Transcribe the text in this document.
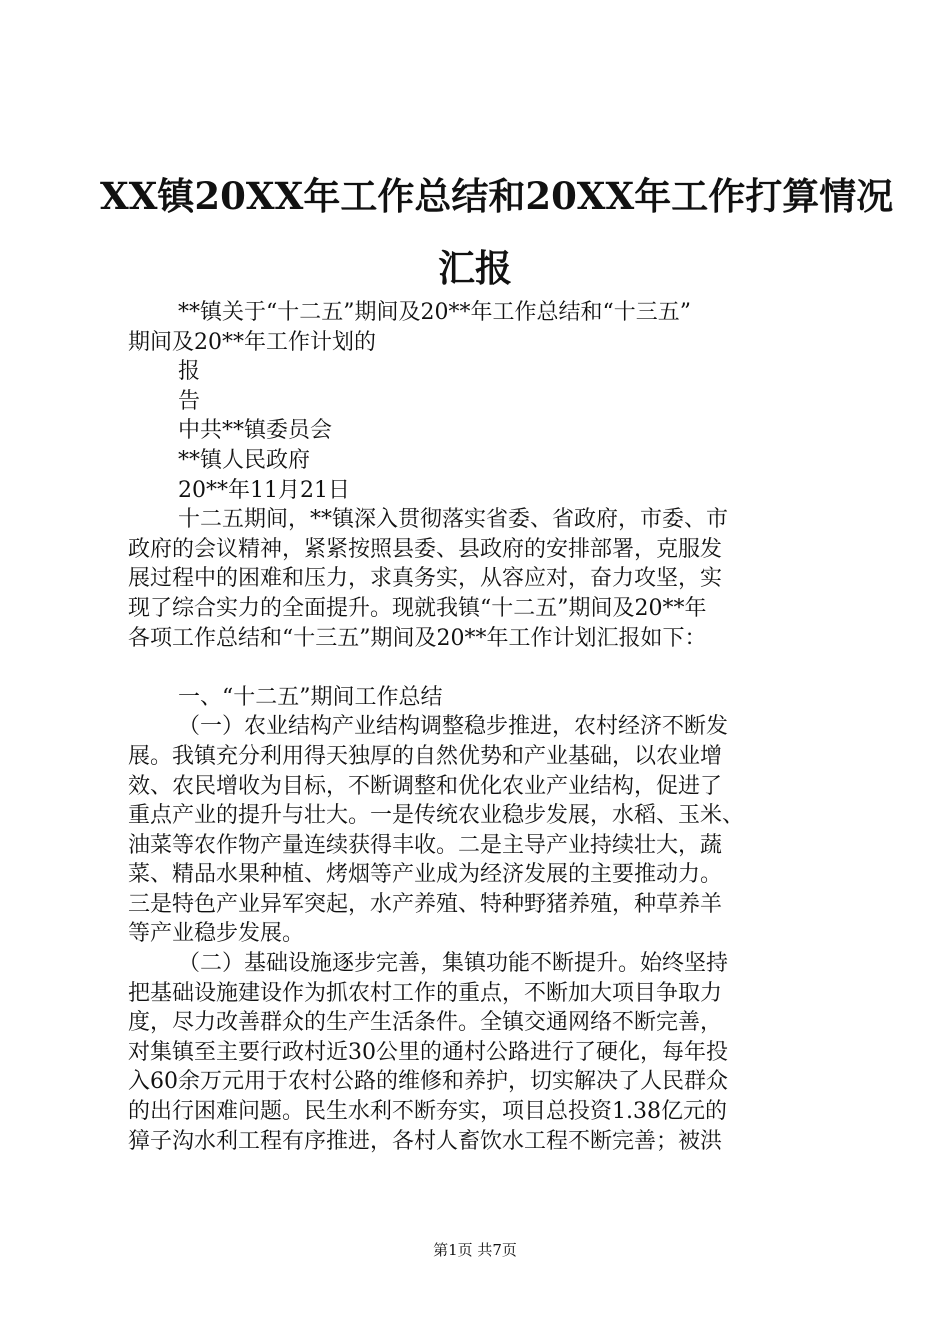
XX镇20XX年工作总结和20XX年工作打算情况
汇报
**镇关于“十二五”期间及20**年工作总结和“十三五”
期间及20**年工作计划的
报
告
中共**镇委员会
**镇人民政府
20**年11月21日
十二五期间，**镇深入贯彻落实省委、省政府，市委、市
政府的会议精神，紧紧按照县委、县政府的安排部署，克服发
展过程中的困难和压力，求真务实，从容应对，奋力攻坚，实
现了综合实力的全面提升。现就我镇“十二五”期间及20**年
各项工作总结和“十三五”期间及20**年工作计划汇报如下：
一、“十二五”期间工作总结
（一）农业结构产业结构调整稳步推进，农村经济不断发
展。我镇充分利用得天独厚的自然优势和产业基础，以农业增
效、农民增收为目标，不断调整和优化农业产业结构，促进了
重点产业的提升与壮大。一是传统农业稳步发展，水稻、玉米、
油菜等农作物产量连续获得丰收。二是主导产业持续壮大，蔬
菜、精品水果种植、烤烟等产业成为经济发展的主要推动力。
三是特色产业异军突起，水产养殖、特种野猪养殖，种草养羊
等产业稳步发展。
（二）基础设施逐步完善，集镇功能不断提升。始终坚持
把基础设施建设作为抓农村工作的重点，不断加大项目争取力
度，尽力改善群众的生产生活条件。全镇交通网络不断完善，
对集镇至主要行政村近30公里的通村公路进行了硬化，每年投
入60余万元用于农村公路的维修和养护，切实解决了人民群众
的出行困难问题。民生水利不断夯实，项目总投资1.38亿元的
獐子沟水利工程有序推进，各村人畜饮水工程不断完善；被洪
第1页 共7页
